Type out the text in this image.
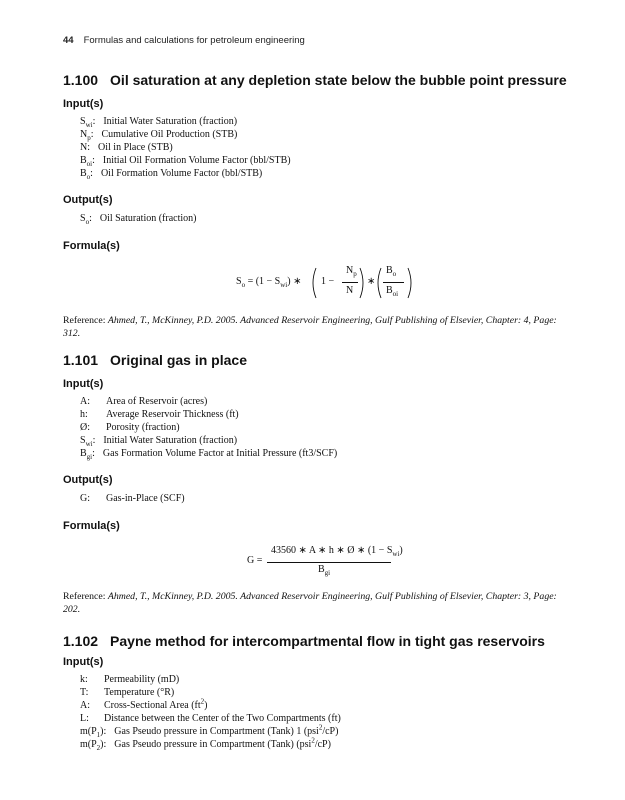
44 Formulas and calculations for petroleum engineering
1.100 Oil saturation at any depletion state below the bubble point pressure
Input(s)
$S_{wi}$: Initial Water Saturation (fraction)
$N_p$: Cumulative Oil Production (STB)
N: Oil in Place (STB)
$B_{oi}$: Initial Oil Formation Volume Factor (bbl/STB)
$B_o$: Oil Formation Volume Factor (bbl/STB)
Output(s)
$S_o$: Oil Saturation (fraction)
Formula(s)
$S_o = (1 - S_{wi})$ ∗ 1 −
$N_p$
N
∗
$B_o$
$B_{oi}$
Reference: Ahmed, T., McKinney, P.D. 2005. Advanced Reservoir Engineering, Gulf Publishing of Elsevier, Chapter: 4, Page: 312.
1.101 Original gas in place
Input(s)
A: Area of Reservoir (acres)
h: Average Reservoir Thickness (ft)
Ø: Porosity (fraction)
$S_{wi}$: Initial Water Saturation (fraction)
$B_{gi}$: Gas Formation Volume Factor at Initial Pressure (ft3/SCF)
Output(s)
G: Gas-in-Place (SCF)
Formula(s)
G =
43560 ∗ A ∗ h ∗ Ø ∗ $(1 - S_{wi})$
$B_{gi}$
Reference: Ahmed, T., McKinney, P.D. 2005. Advanced Reservoir Engineering, Gulf Publishing of Elsevier, Chapter: 3, Page: 202.
1.102 Payne method for intercompartmental flow in tight gas reservoirs
Input(s)
k: Permeability (mD)
T: Temperature (°R)
A: Cross-Sectional Area $(ft^2)$
L: Distance between the Center of the Two Compartments (ft)
$m(P_1)$: Gas Pseudo pressure in Compartment (Tank) 1 (psi$^2$/cP)
$m(P_2)$: Gas Pseudo pressure in Compartment (Tank) (psi$^2$/cP)
